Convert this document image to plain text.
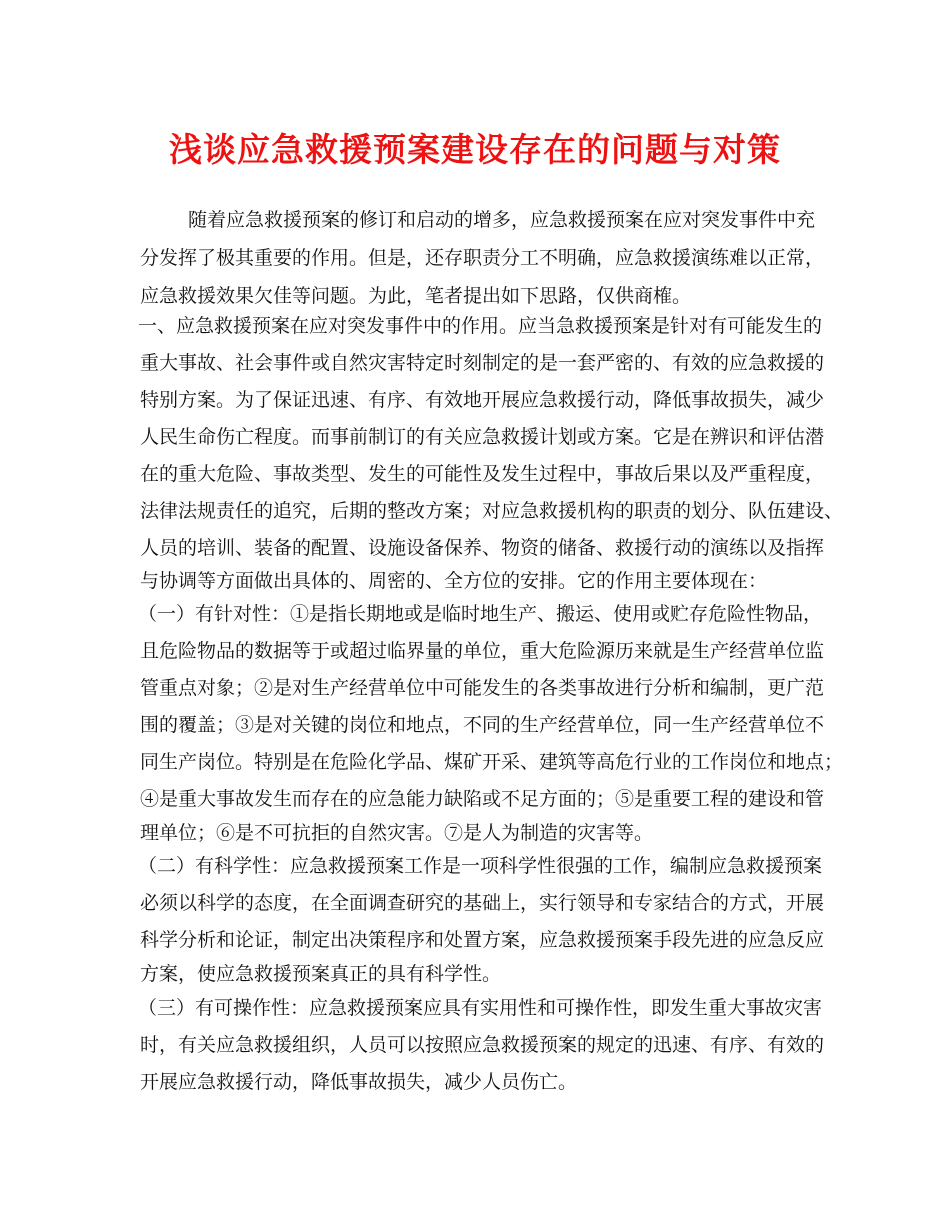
浅谈应急救援预案建设存在的问题与对策
随着应急救援预案的修订和启动的增多，应急救援预案在应对突发事件中充
分发挥了极其重要的作用。但是，还存职责分工不明确，应急救援演练难以正常，
应急救援效果欠佳等问题。为此，笔者提出如下思路，仅供商榷。
一、应急救援预案在应对突发事件中的作用。应当急救援预案是针对有可能发生的
重大事故、社会事件或自然灾害特定时刻制定的是一套严密的、有效的应急救援的
特别方案。为了保证迅速、有序、有效地开展应急救援行动，降低事故损失，减少
人民生命伤亡程度。而事前制订的有关应急救援计划或方案。它是在辨识和评估潜
在的重大危险、事故类型、发生的可能性及发生过程中，事故后果以及严重程度，
法律法规责任的追究，后期的整改方案；对应急救援机构的职责的划分、队伍建设、
人员的培训、装备的配置、设施设备保养、物资的储备、救援行动的演练以及指挥
与协调等方面做出具体的、周密的、全方位的安排。它的作用主要体现在：
（一）有针对性：①是指长期地或是临时地生产、搬运、使用或贮存危险性物品，
且危险物品的数据等于或超过临界量的单位，重大危险源历来就是生产经营单位监
管重点对象；②是对生产经营单位中可能发生的各类事故进行分析和编制，更广范
围的覆盖；③是对关键的岗位和地点，不同的生产经营单位，同一生产经营单位不
同生产岗位。特别是在危险化学品、煤矿开采、建筑等高危行业的工作岗位和地点；
④是重大事故发生而存在的应急能力缺陷或不足方面的；⑤是重要工程的建设和管
理单位；⑥是不可抗拒的自然灾害。⑦是人为制造的灾害等。
（二）有科学性：应急救援预案工作是一项科学性很强的工作，编制应急救援预案
必须以科学的态度，在全面调查研究的基础上，实行领导和专家结合的方式，开展
科学分析和论证，制定出决策程序和处置方案，应急救援预案手段先进的应急反应
方案，使应急救援预案真正的具有科学性。
（三）有可操作性：应急救援预案应具有实用性和可操作性，即发生重大事故灾害
时，有关应急救援组织，人员可以按照应急救援预案的规定的迅速、有序、有效的
开展应急救援行动，降低事故损失，减少人员伤亡。
